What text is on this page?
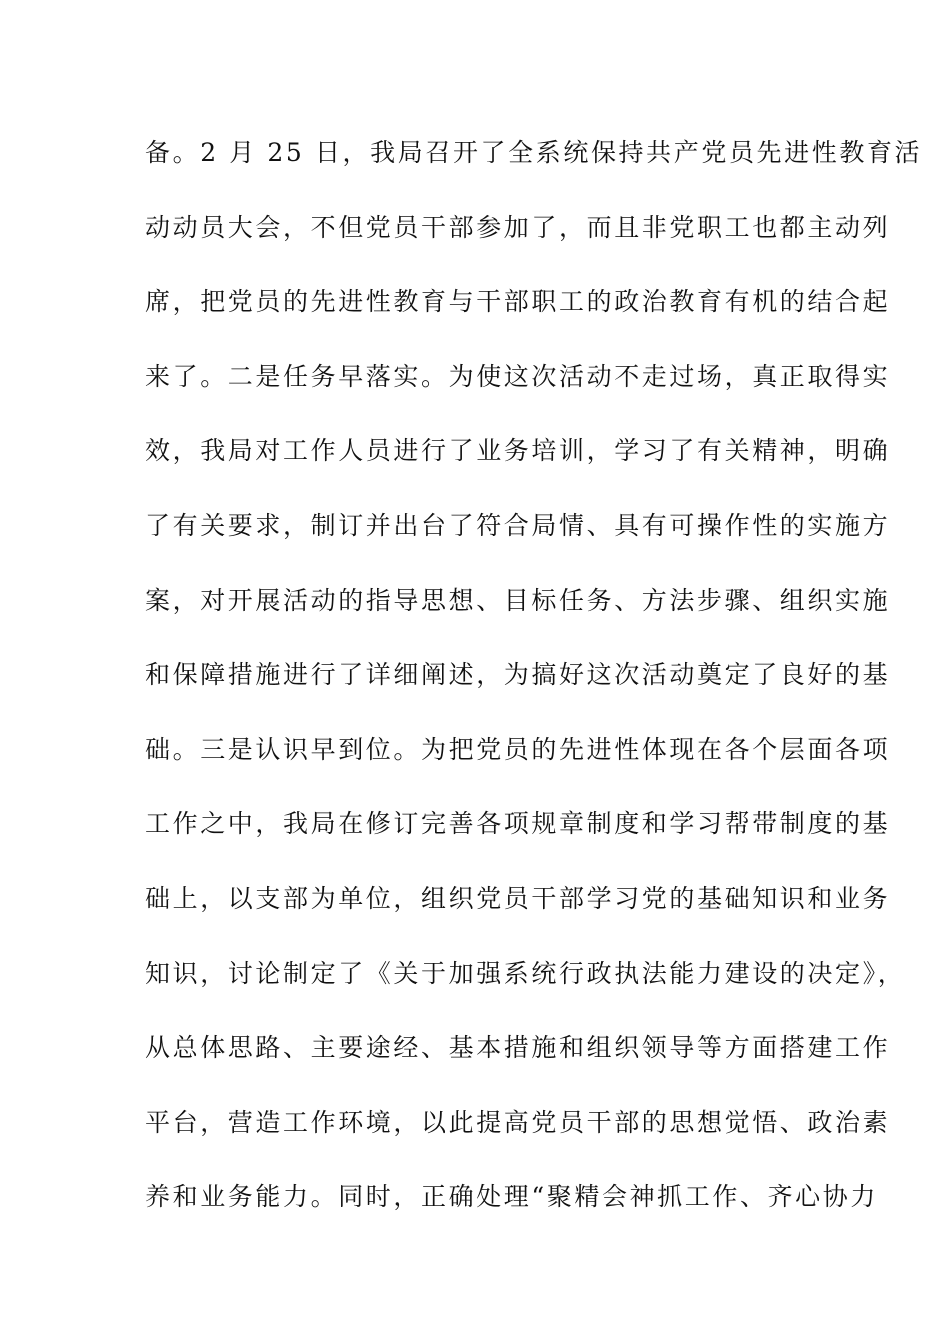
备。2 月 25 日，我局召开了全系统保持共产党员先进性教育活
动动员大会，不但党员干部参加了，而且非党职工也都主动列
席，把党员的先进性教育与干部职工的政治教育有机的结合起
来了。二是任务早落实。为使这次活动不走过场，真正取得实
效，我局对工作人员进行了业务培训，学习了有关精神，明确
了有关要求，制订并出台了符合局情、具有可操作性的实施方
案，对开展活动的指导思想、目标任务、方法步骤、组织实施
和保障措施进行了详细阐述，为搞好这次活动奠定了良好的基
础。三是认识早到位。为把党员的先进性体现在各个层面各项
工作之中，我局在修订完善各项规章制度和学习帮带制度的基
础上，以支部为单位，组织党员干部学习党的基础知识和业务
知识，讨论制定了《关于加强系统行政执法能力建设的决定》，
从总体思路、主要途经、基本措施和组织领导等方面搭建工作
平台，营造工作环境，以此提高党员干部的思想觉悟、政治素
养和业务能力。同时，正确处理“聚精会神抓工作、齐心协力
